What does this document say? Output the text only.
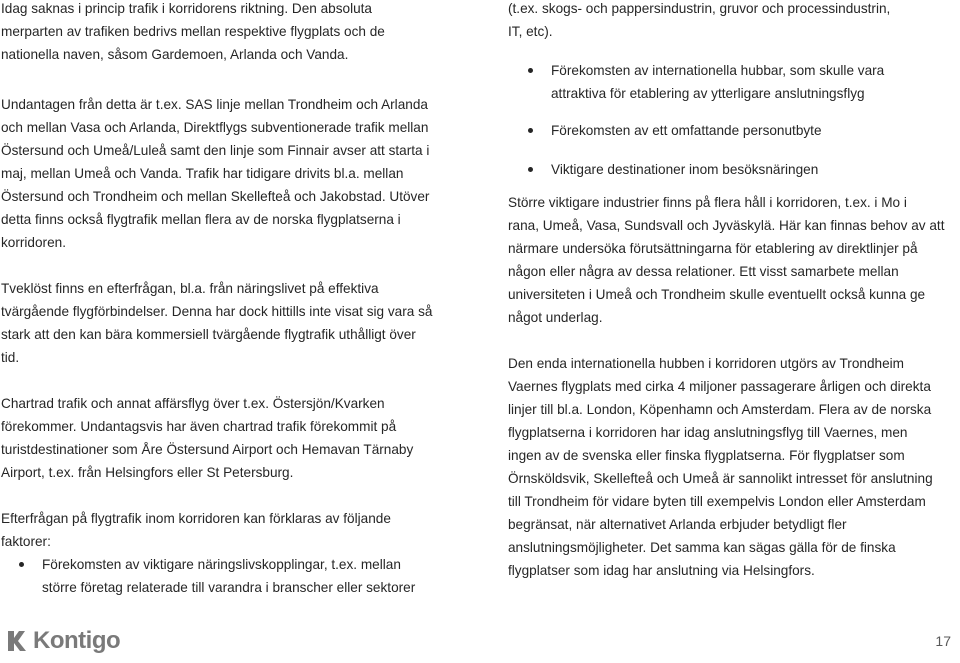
Idag saknas i princip trafik i korridorens riktning. Den absoluta
merparten av trafiken bedrivs mellan respektive flygplats och de
nationella naven, såsom Gardemoen, Arlanda och Vanda.

Undantagen från detta är t.ex. SAS linje mellan Trondheim och Arlanda
och mellan Vasa och Arlanda, Direktflygs subventionerade trafik mellan
Östersund och Umeå/Luleå samt den linje som Finnair avser att starta i
maj, mellan Umeå och Vanda. Trafik har tidigare drivits bl.a. mellan
Östersund och Trondheim och mellan Skellefteå och Jakobstad. Utöver
detta finns också flygtrafik mellan flera av de norska flygplatserna i
korridoren.

Tveklöst finns en efterfrågan, bl.a. från näringslivet på effektiva
tvärgående flygförbindelser. Denna har dock hittills inte visat sig vara så
stark att den kan bära kommersiell tvärgående flygtrafik uthålligt över
tid.

Chartrad trafik och annat affärsflyg över t.ex. Östersjön/Kvarken
förekommer. Undantagsvis har även chartrad trafik förekommit på
turistdestinationer som Åre Östersund Airport och Hemavan Tärnaby
Airport, t.ex. från Helsingfors eller St Petersburg.

Efterfrågan på flygtrafik inom korridoren kan förklaras av följande
faktorer:

Förekomsten av viktigare näringslivskopplingar, t.ex. mellan
större företag relaterade till varandra i branscher eller sektorer

(t.ex. skogs- och pappersindustrin, gruvor och processindustrin,
IT, etc).

Förekomsten av internationella hubbar, som skulle vara
attraktiva för etablering av ytterligare anslutningsflyg
Förekomsten av ett omfattande personutbyte
Viktigare destinationer inom besöksnäringen

Större viktigare industrier finns på flera håll i korridoren, t.ex. i Mo i
rana, Umeå, Vasa, Sundsvall och Jyväskylä. Här kan finnas behov av att
närmare undersöka förutsättningarna för etablering av direktlinjer på
någon eller några av dessa relationer. Ett visst samarbete mellan
universiteten i Umeå och Trondheim skulle eventuellt också kunna ge
något underlag.

Den enda internationella hubben i korridoren utgörs av Trondheim
Vaernes flygplats med cirka 4 miljoner passagerare årligen och direkta
linjer till bl.a. London, Köpenhamn och Amsterdam. Flera av de norska
flygplatserna i korridoren har idag anslutningsflyg till Vaernes, men
ingen av de svenska eller finska flygplatserna. För flygplatser som
Örnsköldsvik, Skellefteå och Umeå är sannolikt intresset för anslutning
till Trondheim för vidare byten till exempelvis London eller Amsterdam
begränsat, när alternativet Arlanda erbjuder betydligt fler
anslutningsmöjligheter. Det samma kan sägas gälla för de finska
flygplatser som idag har anslutning via Helsingfors.

Kontigo	17
